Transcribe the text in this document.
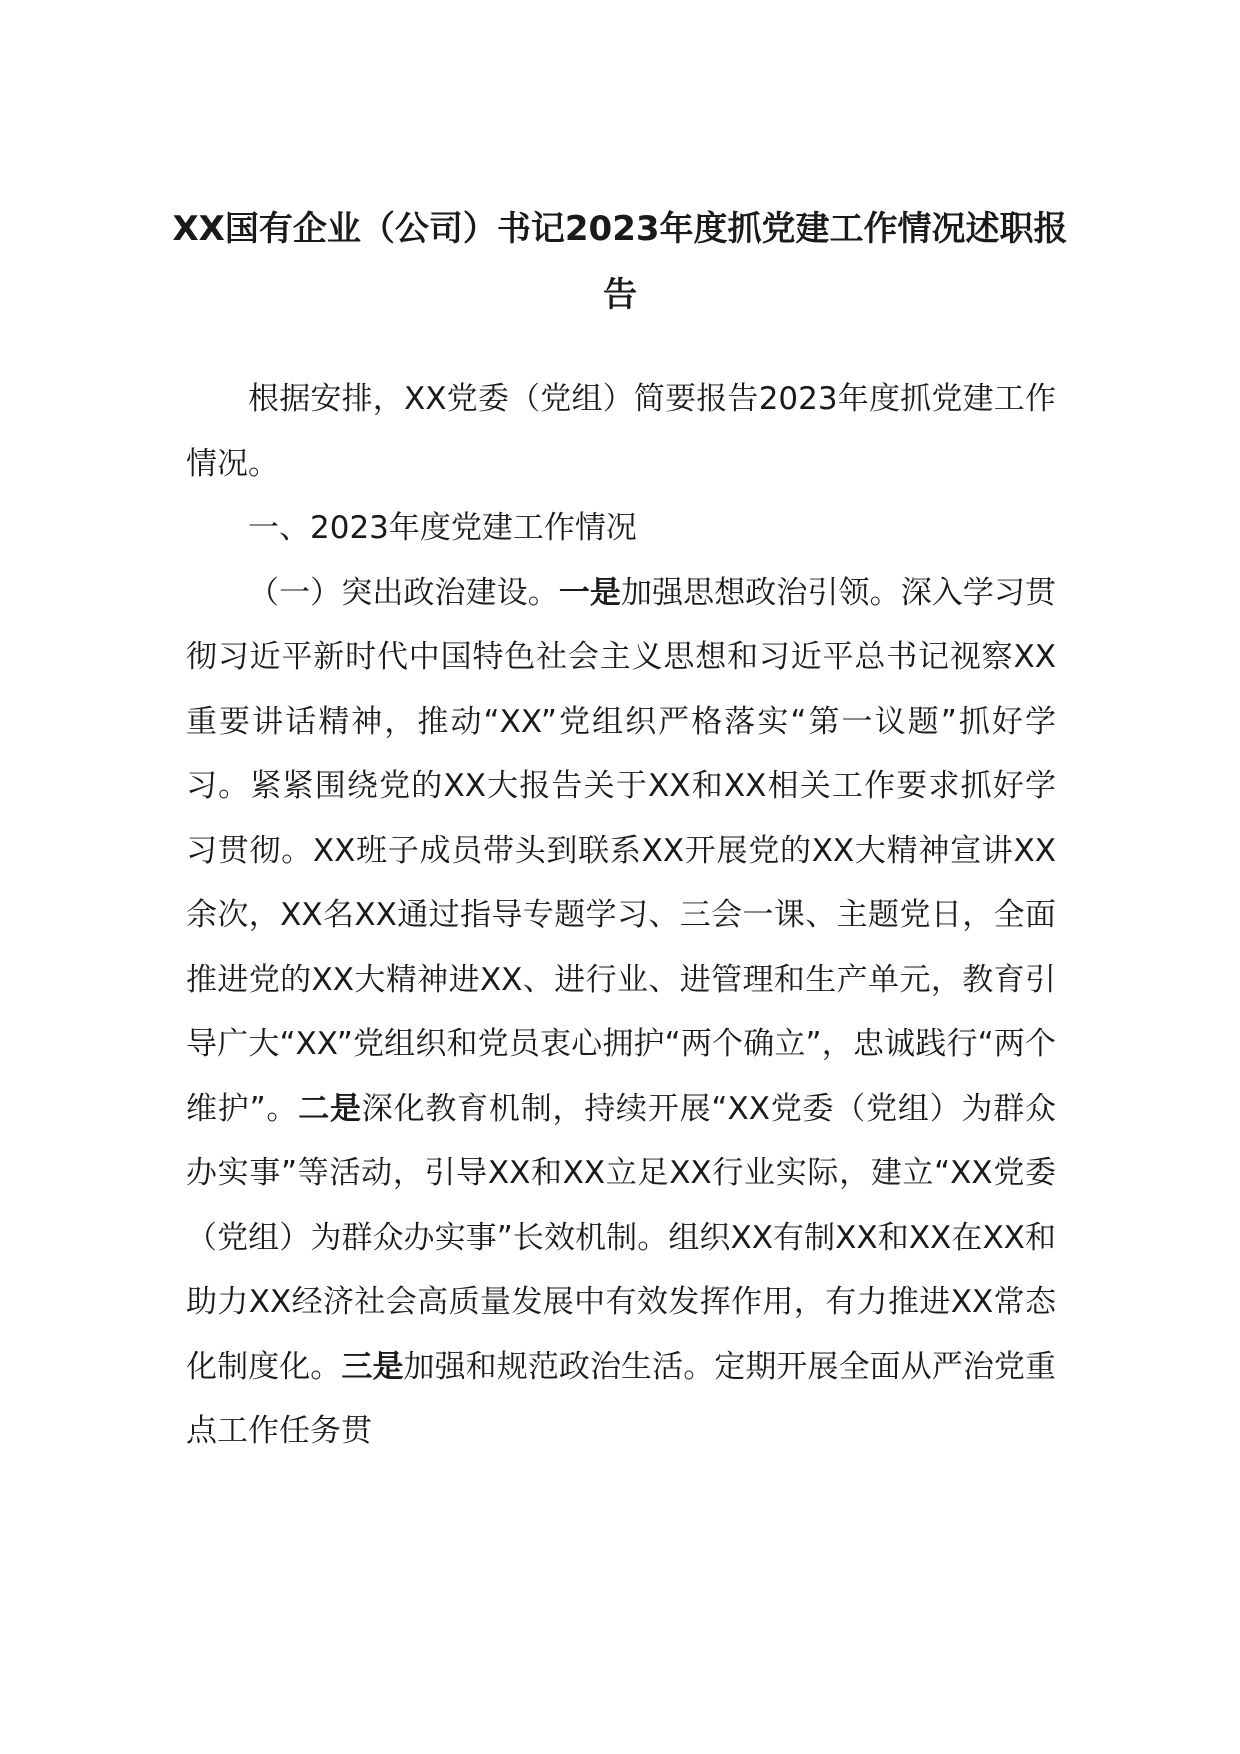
XX国有企业（公司）书记2023年度抓党建工作情况述职报告

根据安排，XX党委（党组）简要报告2023年度抓党建工作情况。

一、2023年度党建工作情况

（一）突出政治建设。一是加强思想政治引领。深入学习贯彻习近平新时代中国特色社会主义思想和习近平总书记视察XX重要讲话精神，推动“XX”党组织严格落实“第一议题”抓好学习。紧紧围绕党的XX大报告关于XX和XX相关工作要求抓好学习贯彻。XX班子成员带头到联系XX开展党的XX大精神宣讲XX余次，XX名XX通过指导专题学习、三会一课、主题党日，全面推进党的XX大精神进XX、进行业、进管理和生产单元，教育引导广大“XX”党组织和党员衷心拥护“两个确立”，忠诚践行“两个维护”。二是深化教育机制，持续开展“XX党委（党组）为群众办实事”等活动，引导XX和XX立足XX行业实际，建立“XX党委（党组）为群众办实事”长效机制。组织XX有制XX和XX在XX和助力XX经济社会高质量发展中有效发挥作用，有力推进XX常态化制度化。三是加强和规范政治生活。定期开展全面从严治党重点工作任务贯
